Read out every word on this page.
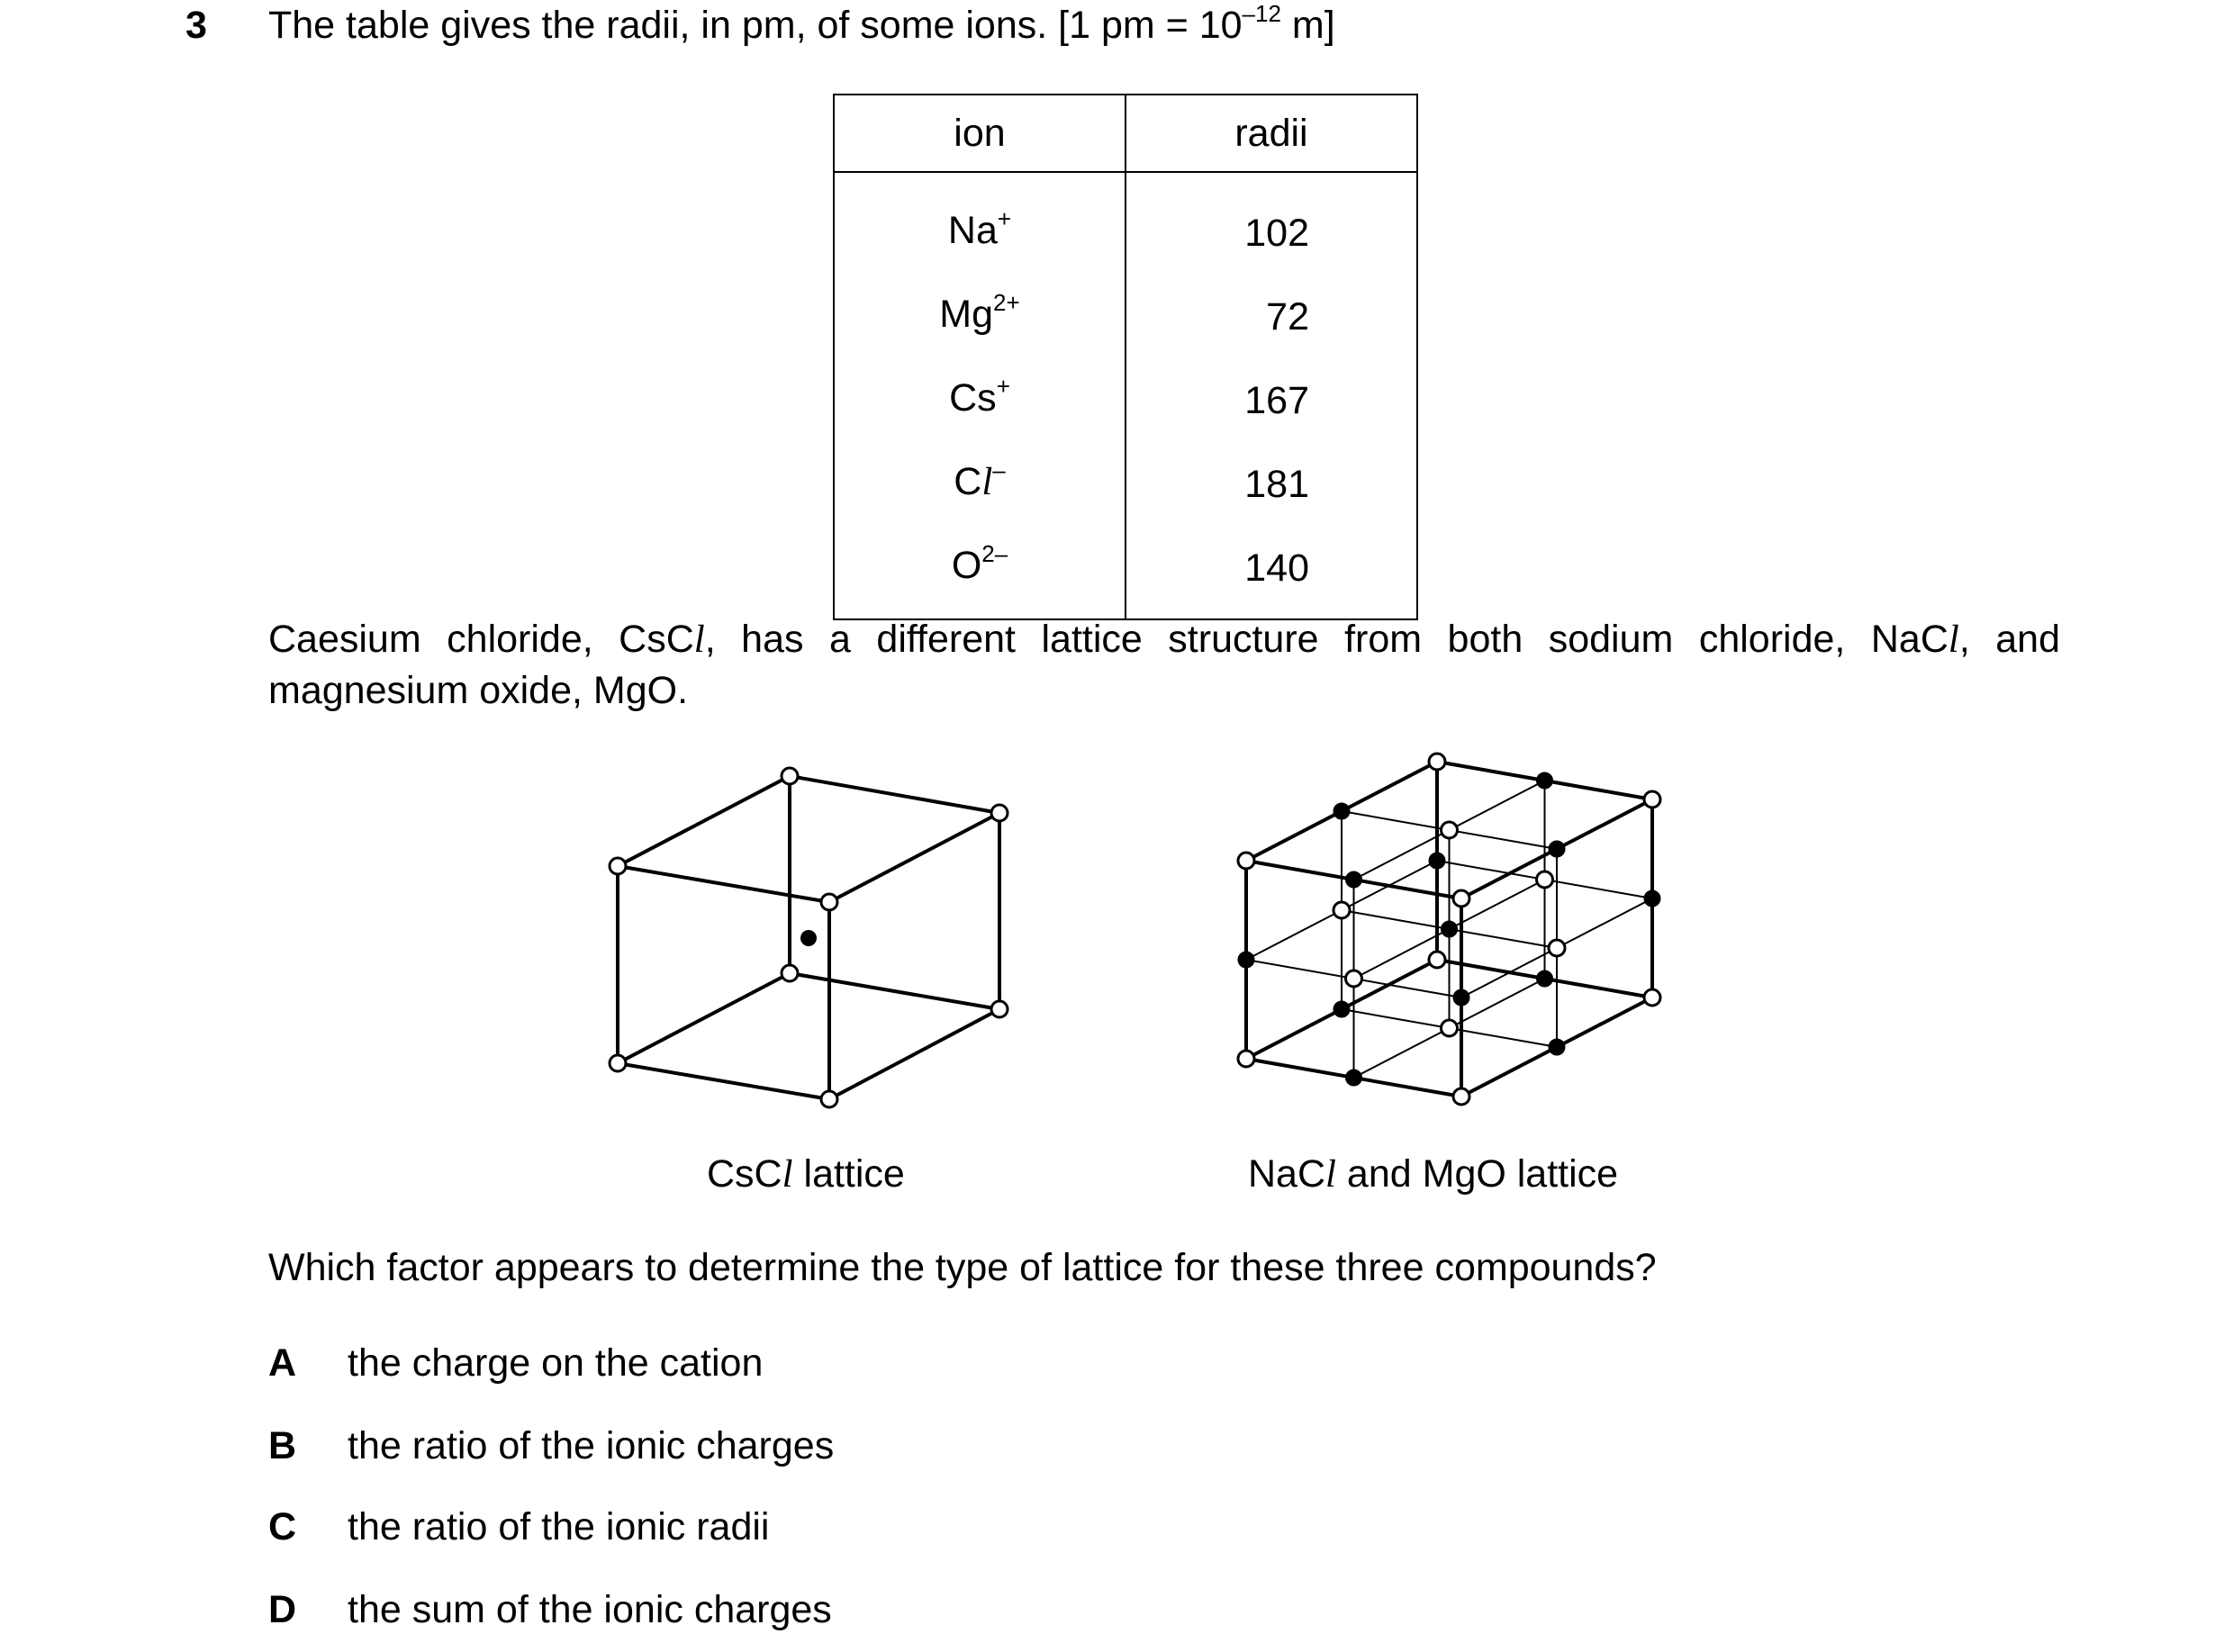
3 The table gives the radii, in pm, of some ions. [1 pm = $10^{-12}$ m]
ion	radii
Na+	102
$Mg^{2+}$	72
Cs+	167
Cl–	181
$O^{2-}$	140
Caesium chloride, CsCl, has a different lattice structure from both sodium chloride, NaCl, and magnesium oxide, MgO.
CsCl lattice	NaCl and MgO lattice
Which factor appears to determine the type of lattice for these three compounds?
A the charge on the cation
B the ratio of the ionic charges
C the ratio of the ionic radii
D the sum of the ionic charges
